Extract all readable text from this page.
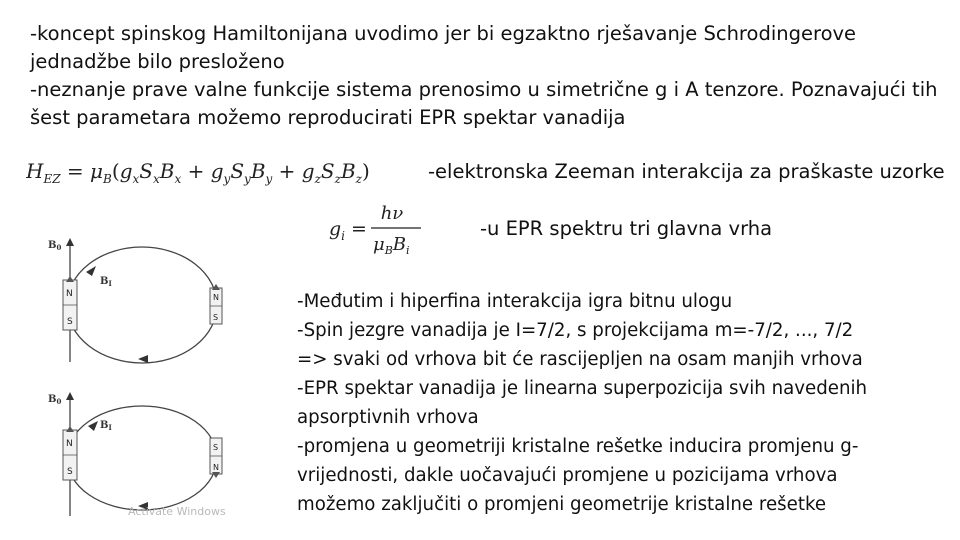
-koncept spinskog Hamiltonijana uvodimo jer bi egzaktno rješavanje Schrodingerove
jednadžbe bilo presloženo
-neznanje prave valne funkcije sistema prenosimo u simetrične g i A tenzore. Poznavajući tih
šest parametara možemo reproducirati EPR spektar vanadija
$H_{EZ} = \mu_B(g_xS_xB_x + g_yS_yB_y + g_zS_zB_z)$	-elektronska Zeeman interakcija za praškaste uzorke
$g_i$ =
hν
$\mu_BB_i$
-u EPR spektru tri glavna vrha
-Međutim i hiperfina interakcija igra bitnu ulogu
-Spin jezgre vanadija je I=7/2, s projekcijama m=-7/2, ..., 7/2
=> svaki od vrhova bit će rascijepljen na osam manjih vrhova
-EPR spektar vanadija je linearna superpozicija svih navedenih
apsorptivnih vrhova
-promjena u geometriji kristalne rešetke inducira promjenu g-
vrijednosti, dakle uočavajući promjene u pozicijama vrhova
možemo zaključiti o promjeni geometrije kristalne rešetke
$B_0$
$B_I$
N
S
N
S
$B_0$
$B_I$
N
S
S
N
Activate Windows
